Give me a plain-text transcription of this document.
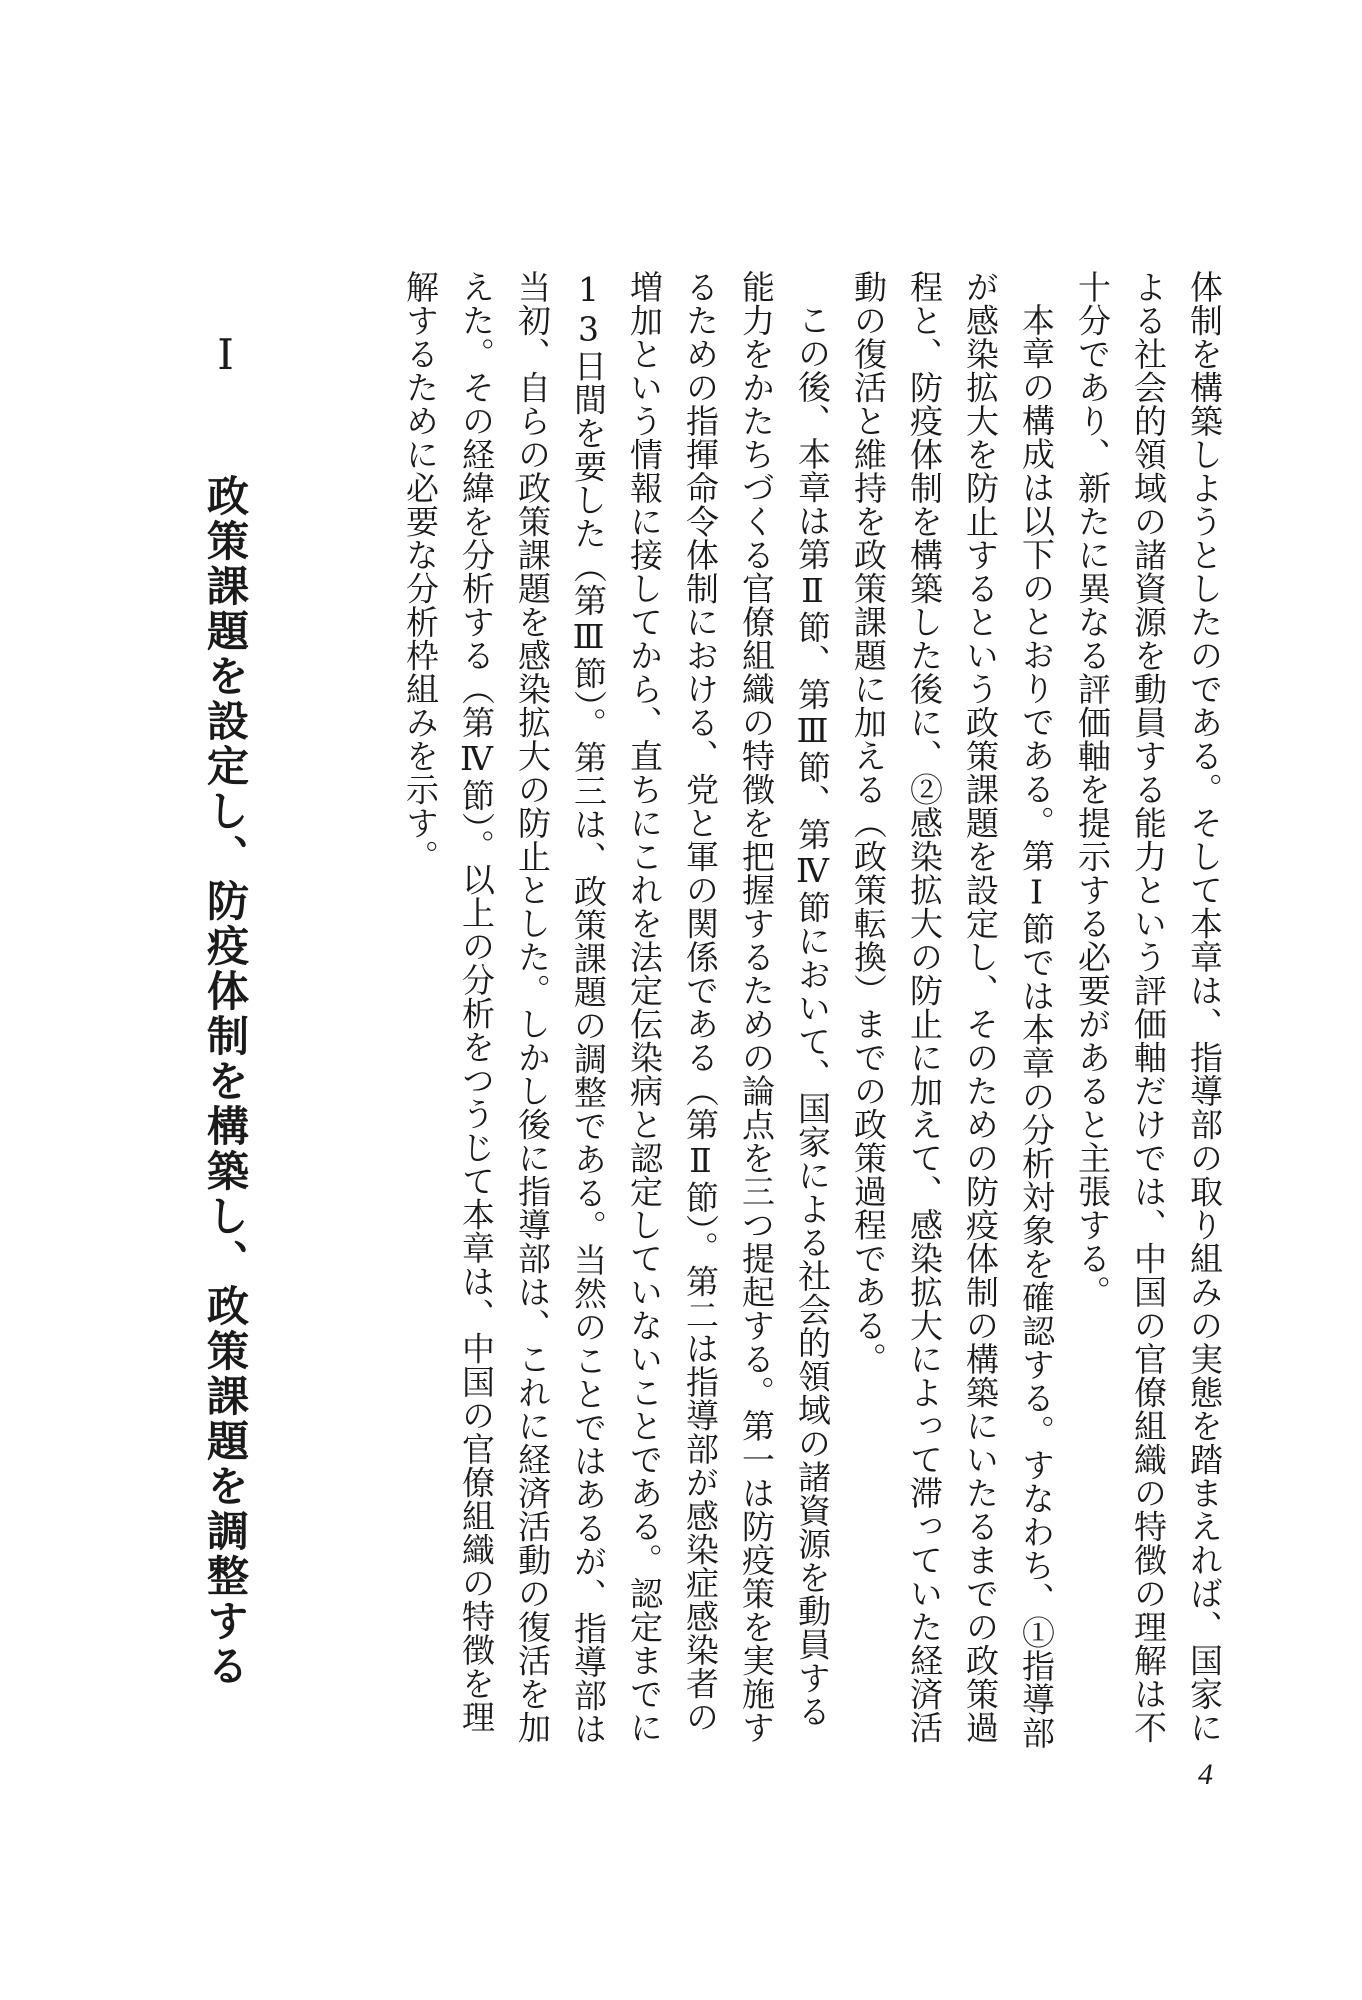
体制を構築しようとしたのである。そして本章は、指導部の取り組みの実態を踏まえれば、国家による社会的領域の諸資源を動員する能力という評価軸だけでは、中国の官僚組織の特徴の理解は不十分であり、新たに異なる評価軸を提示する必要があると主張する。

本章の構成は以下のとおりである。第Ⅰ節では本章の分析対象を確認する。すなわち、①指導部が感染拡大を防止するという政策課題を設定し、そのための防疫体制の構築にいたるまでの政策過程と、防疫体制を構築した後に、②感染拡大の防止に加えて、感染拡大によって滞っていた経済活動の復活と維持を政策課題に加える（政策転換）までの政策過程である。

この後、本章は第Ⅱ節、第Ⅲ節、第Ⅳ節において、国家による社会的領域の諸資源を動員する能力をかたちづくる官僚組織の特徴を把握するための論点を三つ提起する。第一は防疫策を実施するための指揮命令体制における、党と軍の関係である（第Ⅱ節）。第二は指導部が感染症感染者の増加という情報に接してから、直ちにこれを法定伝染病と認定していないことである。認定までに13日間を要した（第Ⅲ節）。第三は、政策課題の調整である。当然のことではあるが、指導部は当初、自らの政策課題を感染拡大の防止とした。しかし後に指導部は、これに経済活動の復活を加えた。その経緯を分析する（第Ⅳ節）。以上の分析をつうじて本章は、中国の官僚組織の特徴を理解するために必要な分析枠組みを示す。

Ⅰ 政策課題を設定し、防疫体制を構築し、政策課題を調整する
4
